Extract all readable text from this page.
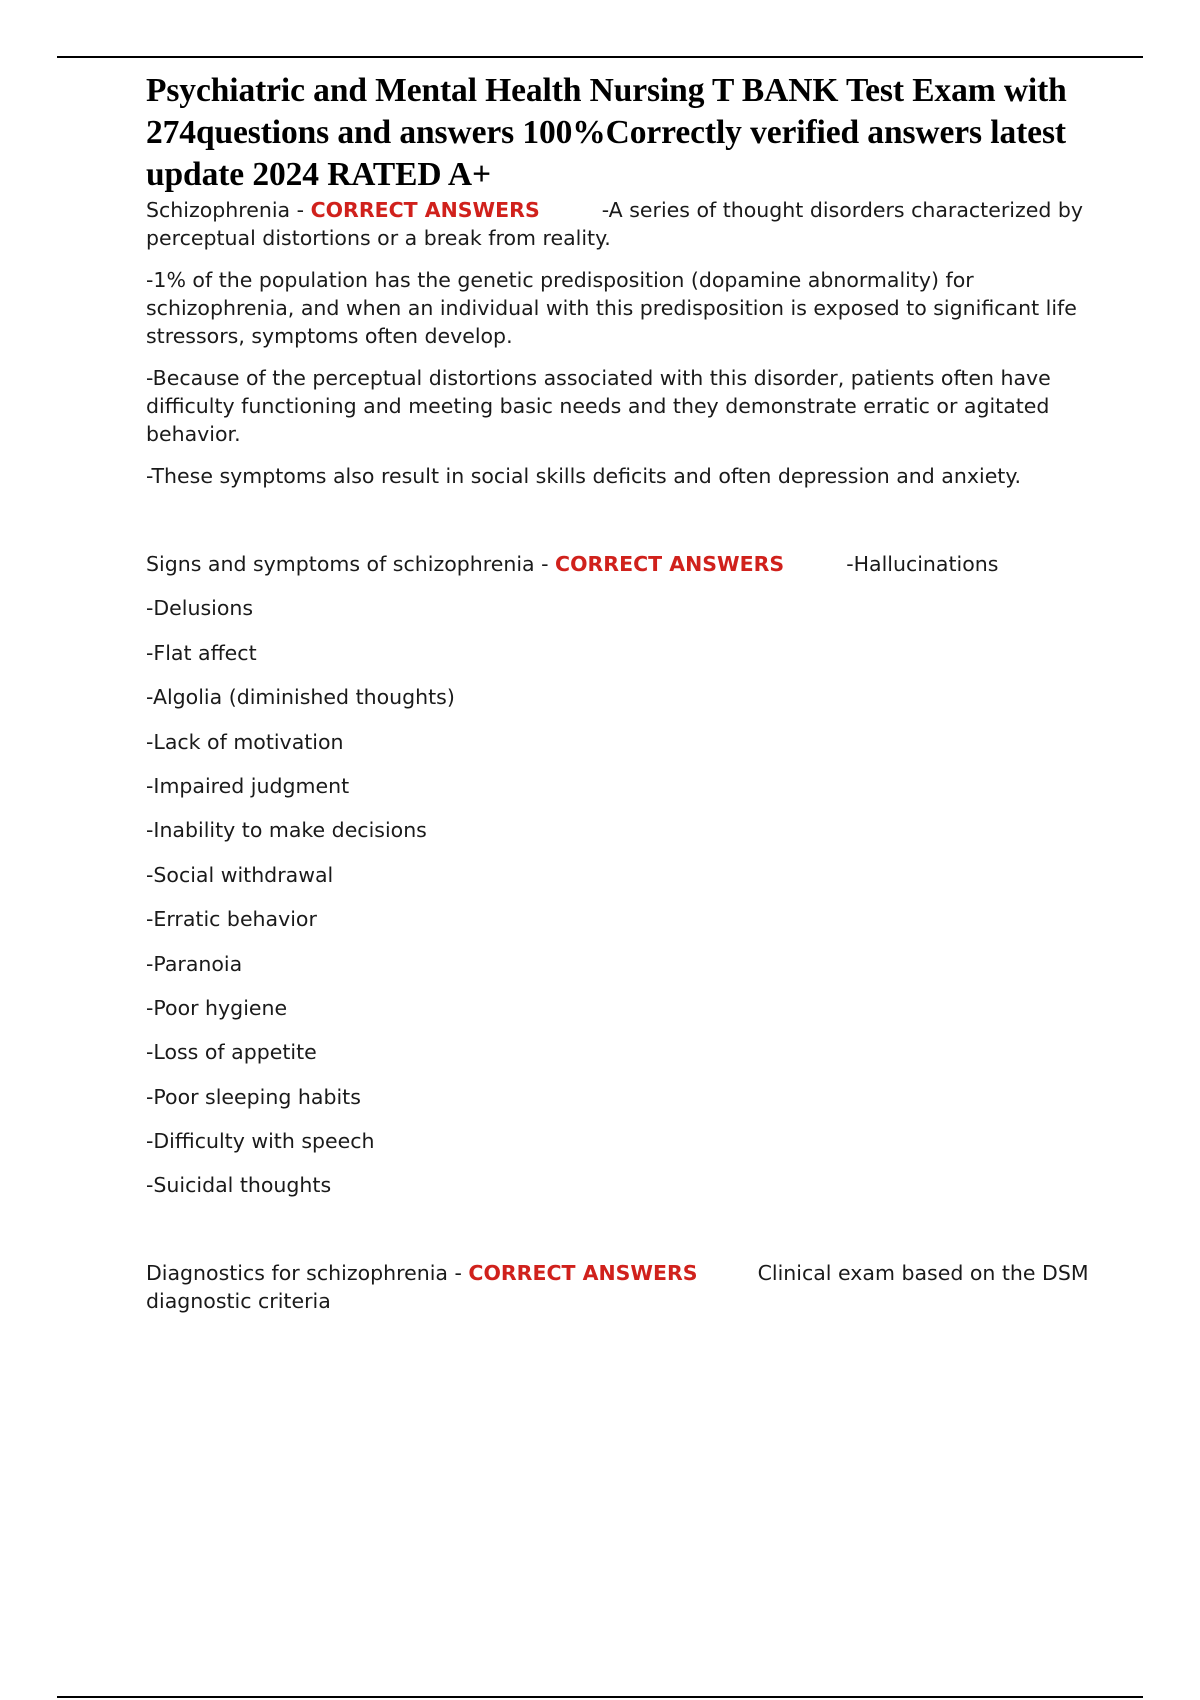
Psychiatric and Mental Health Nursing T BANK Test Exam with 274questions and answers 100%Correctly verified answers latest update 2024 RATED A+

Schizophrenia - CORRECT ANSWERS	-A series of thought disorders characterized by perceptual distortions or a break from reality.

-1% of the population has the genetic predisposition (dopamine abnormality) for schizophrenia, and when an individual with this predisposition is exposed to significant life stressors, symptoms often develop.

-Because of the perceptual distortions associated with this disorder, patients often have difficulty functioning and meeting basic needs and they demonstrate erratic or agitated behavior.

-These symptoms also result in social skills deficits and often depression and anxiety.

Signs and symptoms of schizophrenia - CORRECT ANSWERS	-Hallucinations

-Delusions

-Flat affect

-Algolia (diminished thoughts)

-Lack of motivation

-Impaired judgment

-Inability to make decisions

-Social withdrawal

-Erratic behavior

-Paranoia

-Poor hygiene

-Loss of appetite

-Poor sleeping habits

-Difficulty with speech

-Suicidal thoughts

Diagnostics for schizophrenia - CORRECT ANSWERS	Clinical exam based on the DSM diagnostic criteria
